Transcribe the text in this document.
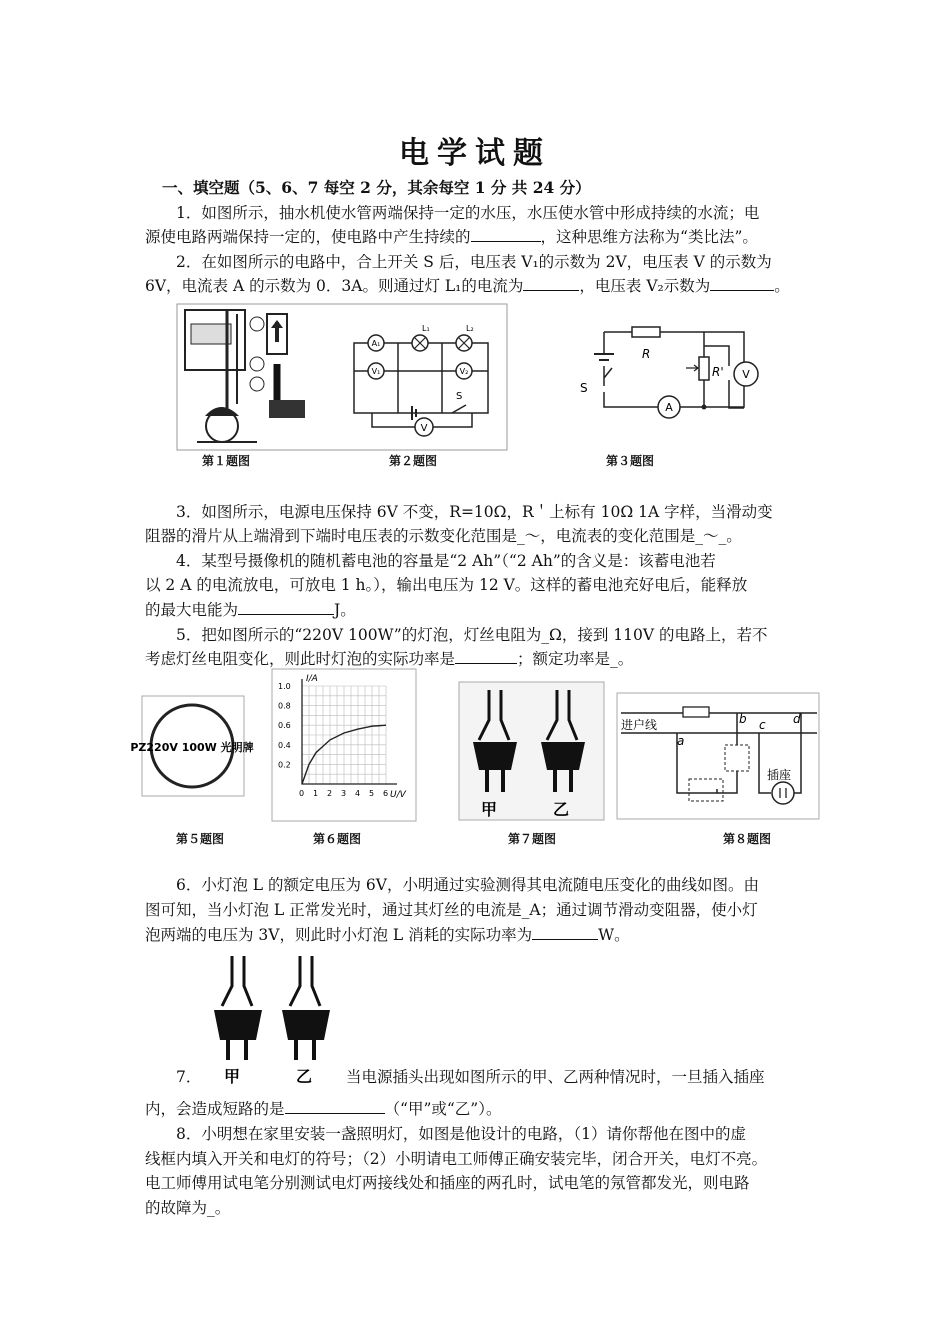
电学试题
一、填空题（5、6、7 每空 2 分，其余每空 1 分 共 24 分）
1．如图所示，抽水机使水管两端保持一定的水压，水压使水管中形成持续的水流；电
源使电路两端保持一定的，使电路中产生持续的	，这种思维方法称为“类比法”。
2．在如图所示的电路中，合上开关 S 后，电压表 V₁的示数为 2V，电压表 V 的示数为
6V，电流表 A 的示数为 0．3A。则通过灯 L₁的电流为	，电压表 V₂示数为	。
A₁
V₁	V₂
V
L₁	L₂
S
R
R'
S
A
V
第１题图	第２题图	第３题图
3．如图所示，电源电压保持 6V 不变，R=10Ω，R＇上标有 10Ω 1A 字样，当滑动变
阻器的滑片从上端滑到下端时电压表的示数变化范围是_～，电流表的变化范围是_～_。
4．某型号摄像机的随机蓄电池的容量是“2 Ah”（“2 Ah”的含义是：该蓄电池若
以 2 A 的电流放电，可放电 1 h。），输出电压为 12 V。这样的蓄电池充好电后，能释放
的最大电能为	J。
5．把如图所示的“220V 100W”的灯泡，灯丝电阻为_Ω，接到 110V 的电路上，若不
考虑灯丝电阻变化，则此时灯泡的实际功率是	；额定功率是_。
PZ220V 100W 光明牌
I/A
U/V
1.0
0.8
0.6
0.4
0.2
0 1 2 3 4 5 6
甲	乙
进户线
插座
a
b c d
第５题图	第６题图	第７题图	第８题图
6．小灯泡 L 的额定电压为 6V，小明通过实验测得其电流随电压变化的曲线如图。由
图可知，当小灯泡 L 正常发光时，通过其灯丝的电流是_A；通过调节滑动变阻器，使小灯
泡两端的电压为 3V，则此时小灯泡 L 消耗的实际功率为	W。
甲	乙
7．	当电源插头出现如图所示的甲、乙两种情况时，一旦插入插座
内，会造成短路的是	（“甲”或“乙”）。
8．小明想在家里安装一盏照明灯，如图是他设计的电路，（1）请你帮他在图中的虚
线框内填入开关和电灯的符号；（2）小明请电工师傅正确安装完毕，闭合开关，电灯不亮。
电工师傅用试电笔分别测试电灯两接线处和插座的两孔时，试电笔的氖管都发光，则电路
的故障为_。
